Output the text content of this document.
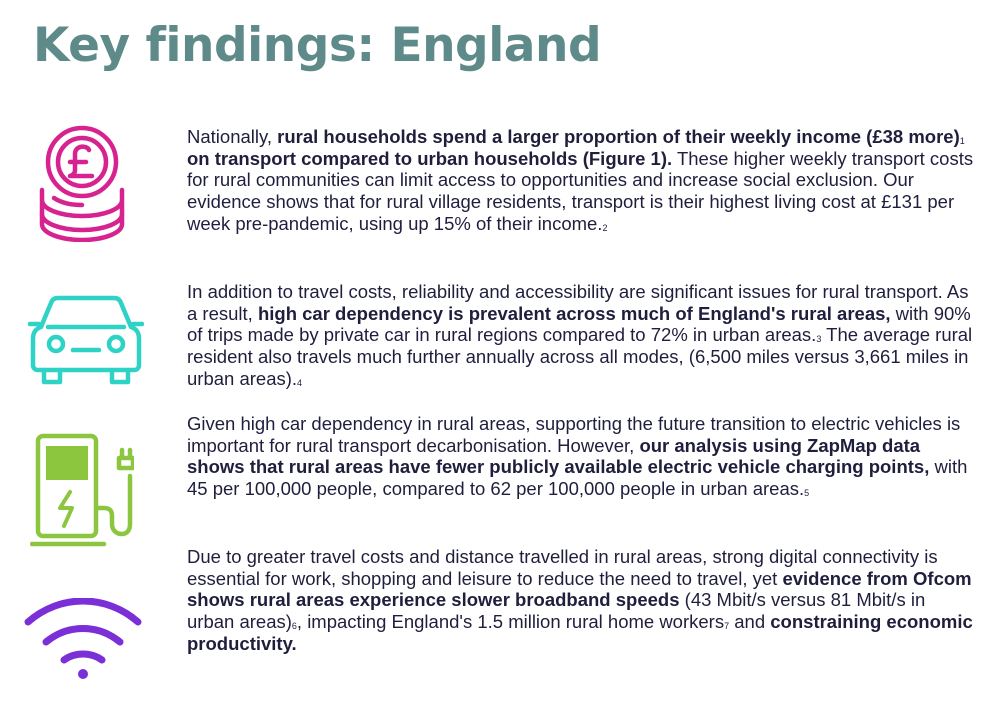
Key findings: England

Nationally, rural households spend a larger proportion of their weekly income (£38 more)$^1$ on transport compared to urban households (Figure 1). These higher weekly transport costs for rural communities can limit access to opportunities and increase social exclusion. Our evidence shows that for rural village residents, transport is their highest living cost at £131 per week pre-pandemic, using up 15% of their income.$^2$

In addition to travel costs, reliability and accessibility are significant issues for rural transport. As a result, high car dependency is prevalent across much of England's rural areas, with 90% of trips made by private car in rural regions compared to 72% in urban areas.$^3$ The average rural resident also travels much further annually across all modes, (6,500 miles versus 3,661 miles in urban areas).$^4$

Given high car dependency in rural areas, supporting the future transition to electric vehicles is important for rural transport decarbonisation. However, our analysis using ZapMap data shows that rural areas have fewer publicly available electric vehicle charging points, with 45 per 100,000 people, compared to 62 per 100,000 people in urban areas.$^5$

Due to greater travel costs and distance travelled in rural areas, strong digital connectivity is essential for work, shopping and leisure to reduce the need to travel, yet evidence from Ofcom shows rural areas experience slower broadband speeds (43 Mbit/s versus 81 Mbit/s in urban areas)$^6$, impacting England's 1.5 million rural home workers$^7$ and constraining economic productivity.
